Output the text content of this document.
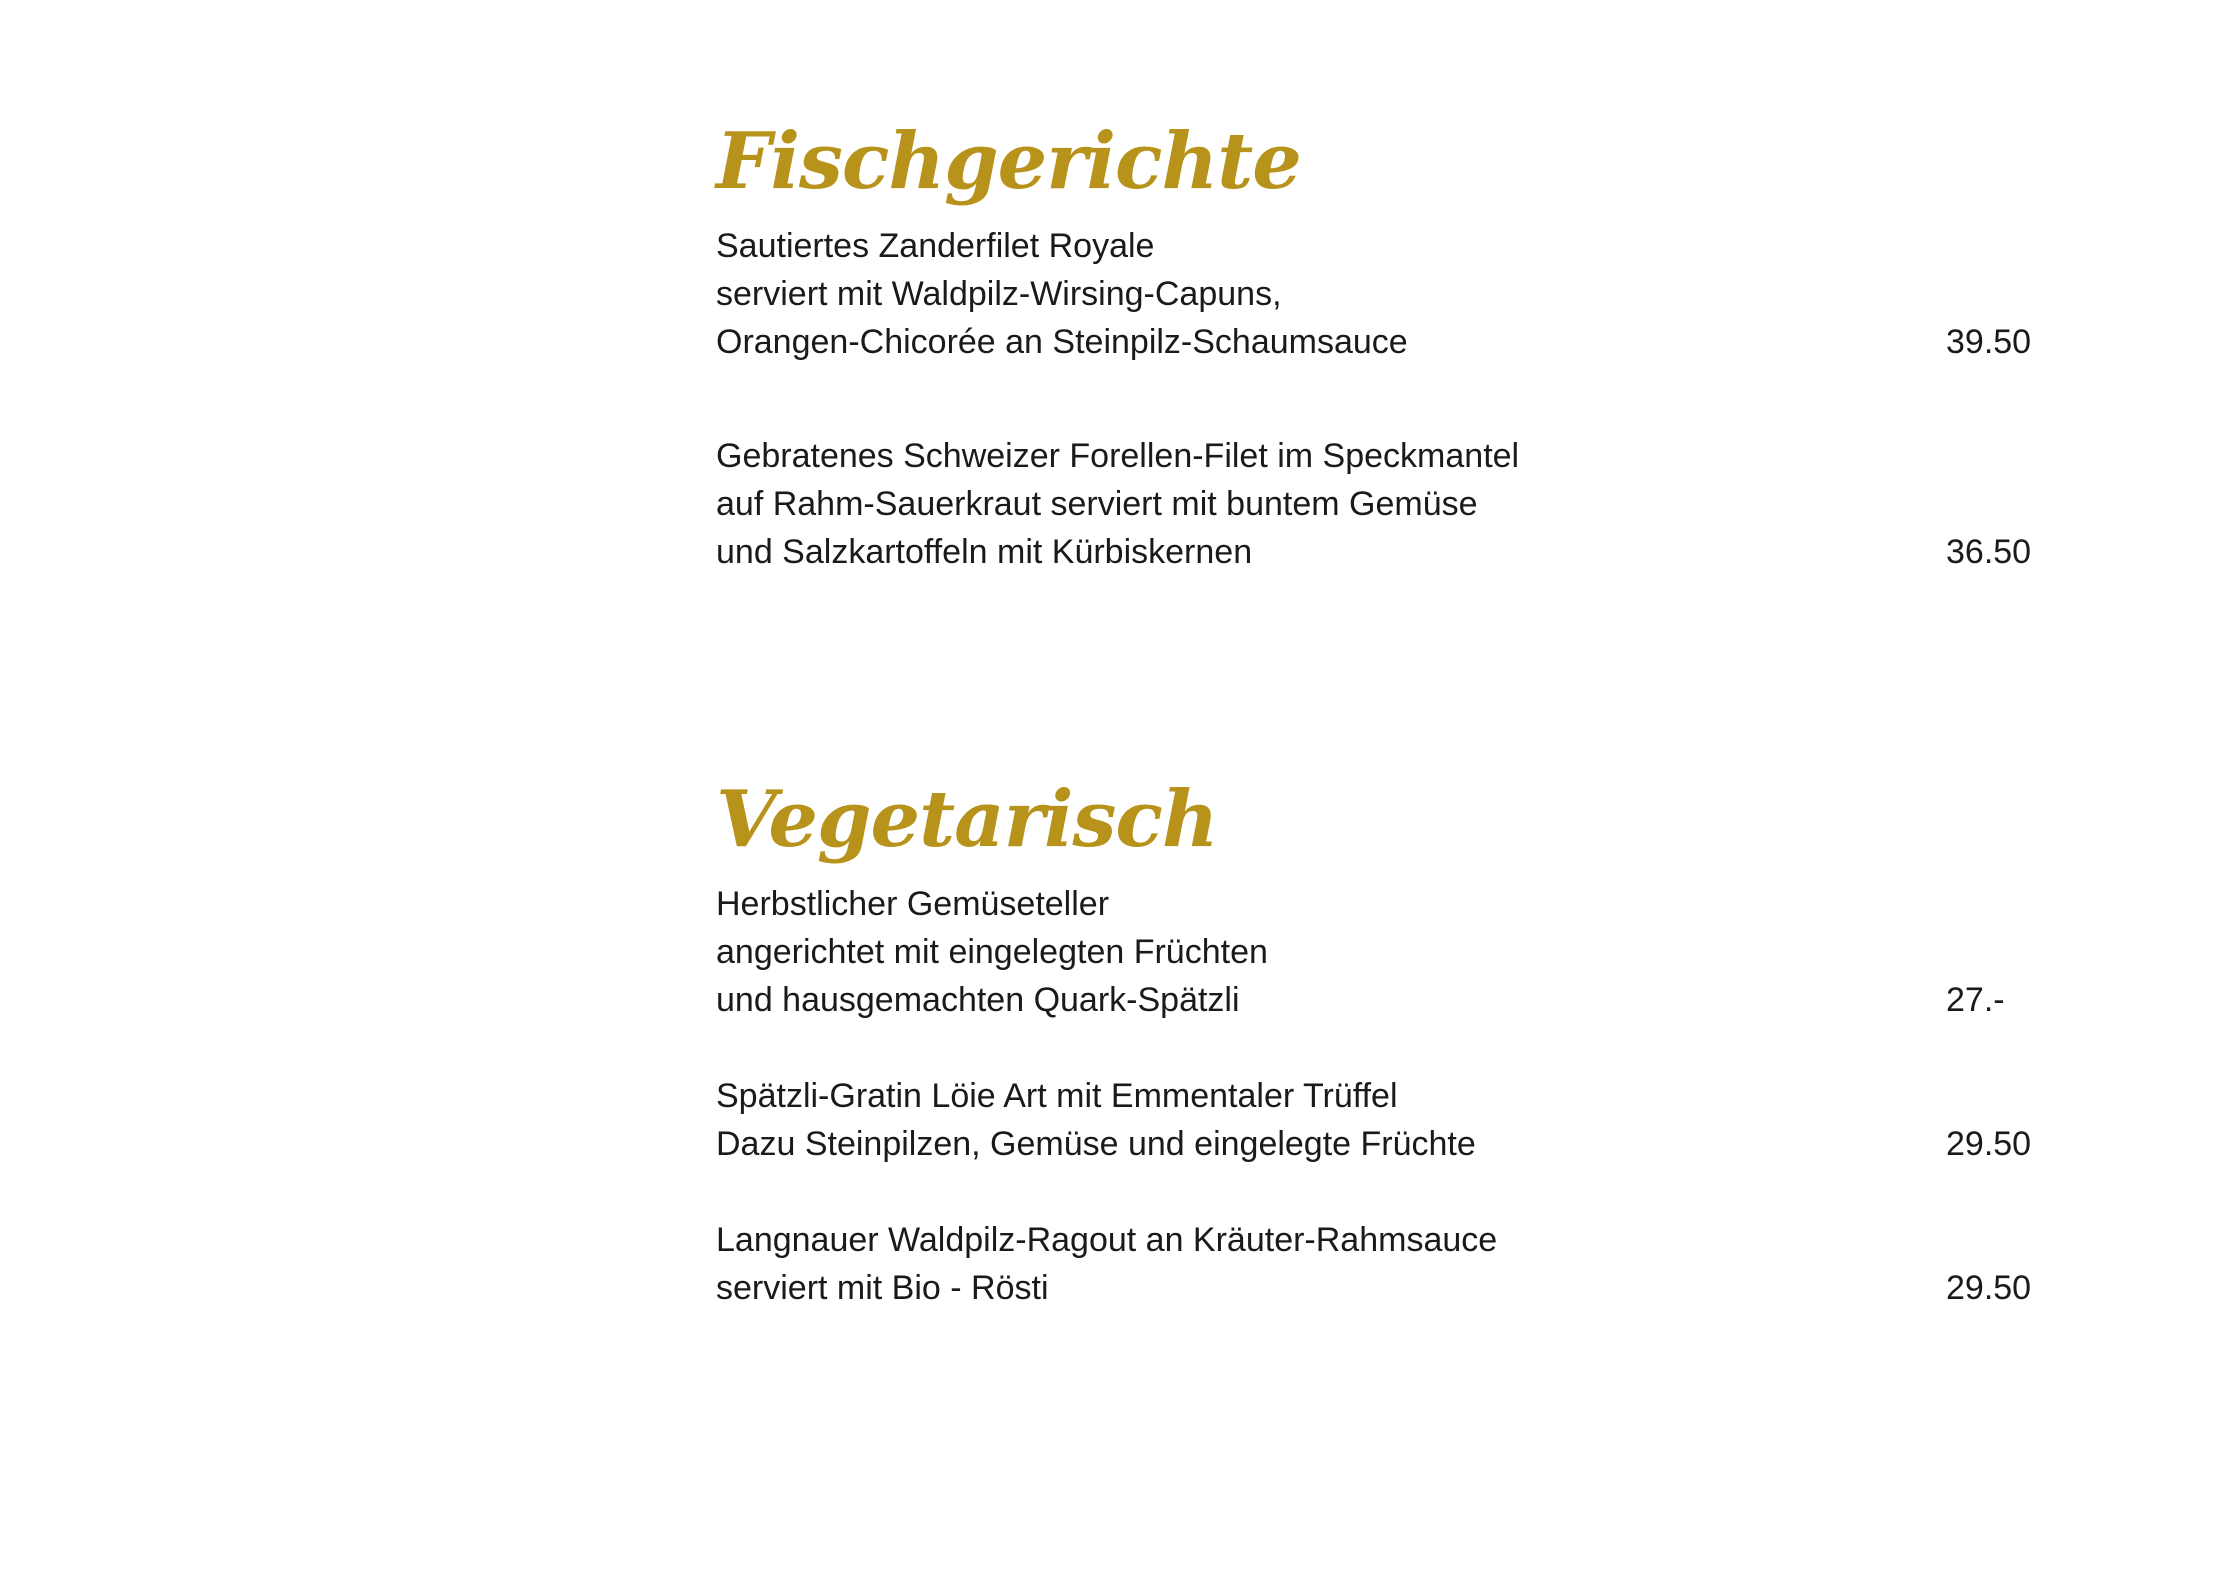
Fischgerichte
Sautiertes Zanderfilet Royale
serviert mit Waldpilz-Wirsing-Capuns,
Orangen-Chicorée an Steinpilz-Schaumsauce	39.50
Gebratenes Schweizer Forellen-Filet im Speckmantel
auf Rahm-Sauerkraut serviert mit buntem Gemüse
und Salzkartoffeln mit Kürbiskernen	36.50
Vegetarisch
Herbstlicher Gemüseteller
angerichtet mit eingelegten Früchten
und hausgemachten Quark-Spätzli	27.-
Spätzli-Gratin Löie Art mit Emmentaler Trüffel
Dazu Steinpilzen, Gemüse und eingelegte Früchte	29.50
Langnauer Waldpilz-Ragout an Kräuter-Rahmsauce
serviert mit Bio - Rösti	29.50
